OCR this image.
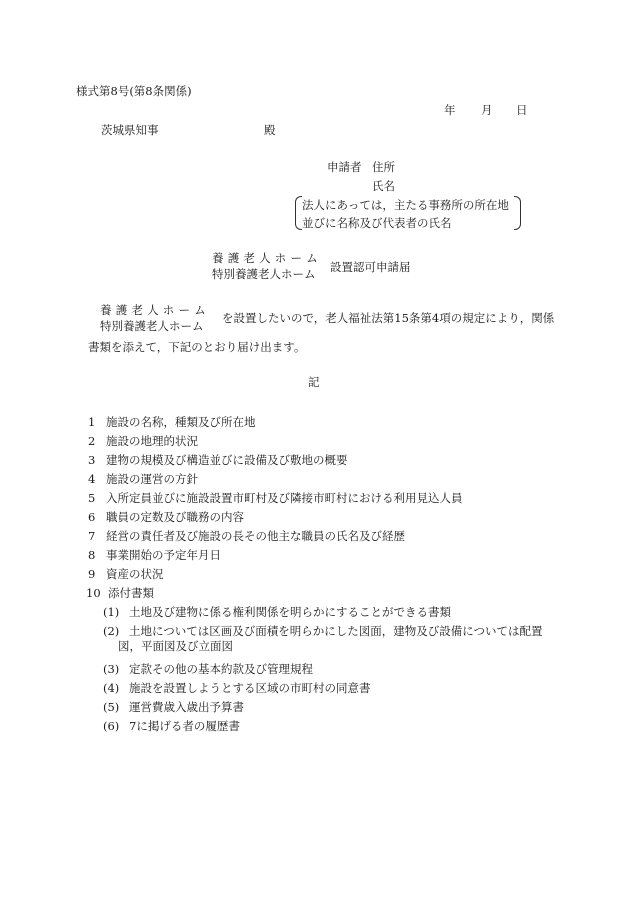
様式第8号(第8条関係)
年 月 日
茨城県知事	殿
申請者 住所
氏名
法人にあっては，主たる事務所の所在地
並びに名称及び代表者の氏名
養護老人ホーム
特別養護老人ホーム 設置認可申請届
養護老人ホーム
特別養護老人ホーム
を設置したいので，老人福祉法第15条第4項の規定により，関係
書類を添えて，下記のとおり届け出ます。
記
1 施設の名称，種類及び所在地
2 施設の地理的状況
3 建物の規模及び構造並びに設備及び敷地の概要
4 施設の運営の方針
5 入所定員並びに施設設置市町村及び隣接市町村における利用見込人員
6 職員の定数及び職務の内容
7 経営の責任者及び施設の長その他主な職員の氏名及び経歴
8 事業開始の予定年月日
9 資産の状況
10 添付書類
(1) 土地及び建物に係る権利関係を明らかにすることができる書類
(2) 土地については区画及び面積を明らかにした図面，建物及び設備については配置
図，平面図及び立面図
(3) 定款その他の基本約款及び管理規程
(4) 施設を設置しようとする区域の市町村の同意書
(5) 運営費歳入歳出予算書
(6) 7に掲げる者の履歴書
